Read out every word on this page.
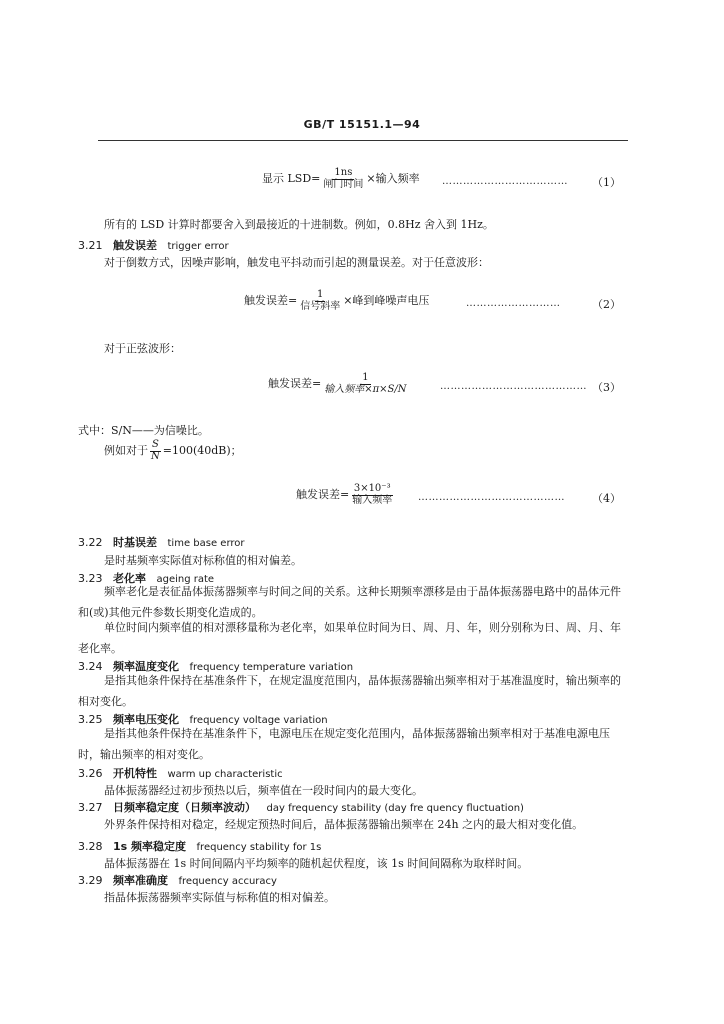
GB/T 15151.1—94
显示 $LSD= \frac{1ns}{\text{闸门时间}}$ ×输入频率 ……………………………… （1）
所有的 LSD 计算时都要舍入到最接近的十进制数。例如，0.8Hz 舍入到 1Hz。
3.21 触发误差 trigger error
对于倒数方式，因噪声影响，触发电平抖动而引起的测量误差。对于任意波形：
触发误差= $\frac{1}{\text{信号斜率}}$ ×峰到峰噪声电压	………………………	（2）
对于正弦波形：
触发误差= $\frac{1}{\text{输入频率×π×S/N}}$	…………………………………… （3）
式中：S/N——为信噪比。
例如对于 $\frac{S}{N} =100(40dB)$；
触发误差= $\frac{\text{3×10⁻³}}{\text{输入频率}}$ …………………………………… （4）
3.22 时基误差 time base error
是时基频率实际值对标称值的相对偏差。
3.23 老化率 ageing rate
频率老化是表征晶体振荡器频率与时间之间的关系。这种长期频率漂移是由于晶体振荡器电路中的晶体元件和(或)其他元件参数长期变化造成的。
单位时间内频率值的相对漂移量称为老化率，如果单位时间为日、周、月、年，则分别称为日、周、月、年老化率。
3.24 频率温度变化 frequency temperature variation
是指其他条件保持在基准条件下，在规定温度范围内，晶体振荡器输出频率相对于基准温度时，输出频率的相对变化。
3.25 频率电压变化 frequency voltage variation
是指其他条件保持在基准条件下，电源电压在规定变化范围内，晶体振荡器输出频率相对于基准电源电压时，输出频率的相对变化。
3.26 开机特性 warm up characteristic
晶体振荡器经过初步预热以后，频率值在一段时间内的最大变化。
3.27 日频率稳定度（日频率波动） day frequency stability (day fre quency fluctuation)
外界条件保持相对稳定，经规定预热时间后，晶体振荡器输出频率在 24h 之内的最大相对变化值。
3.28 1s 频率稳定度 frequency stability for 1s
晶体振荡器在 1s 时间间隔内平均频率的随机起伏程度，该 1s 时间间隔称为取样时间。
3.29 频率准确度 frequency accuracy
指晶体振荡器频率实际值与标称值的相对偏差。
